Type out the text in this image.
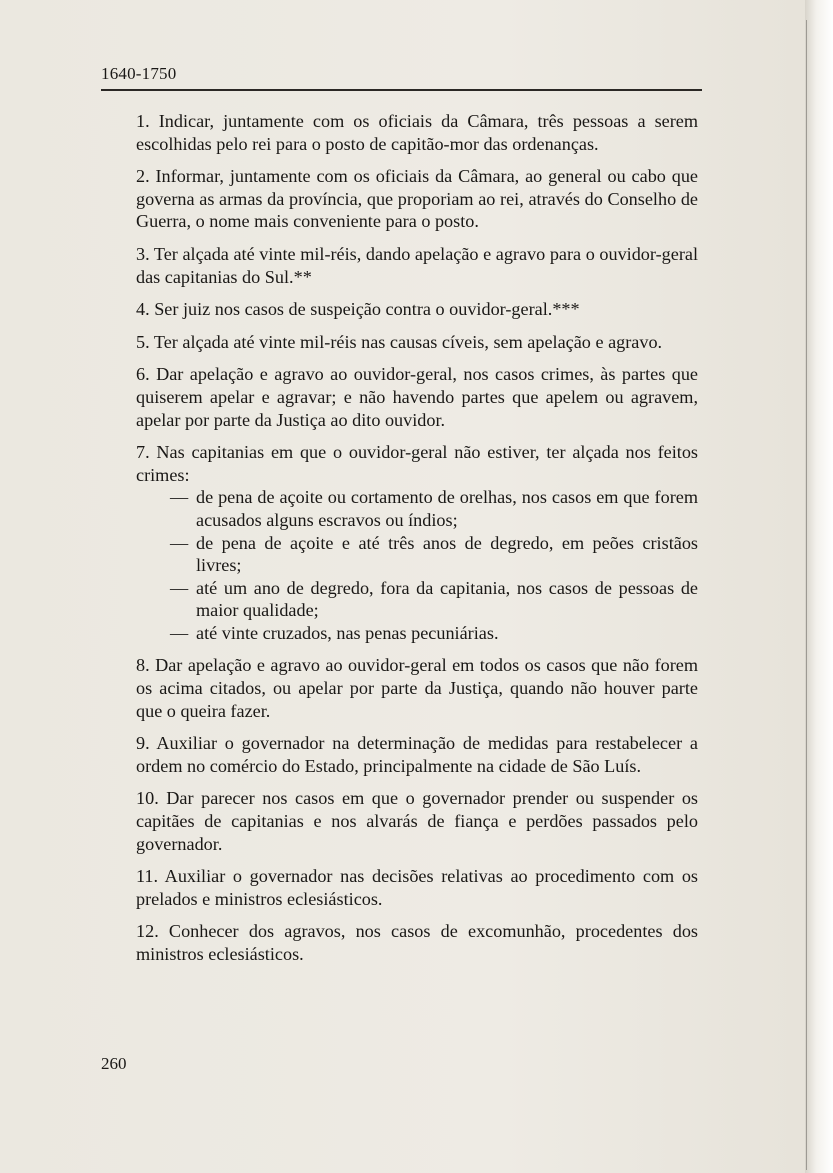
1640-1750

1. Indicar, juntamente com os oficiais da Câmara, três pessoas a serem escolhidas pelo rei para o posto de capitão-mor das ordenanças.

2. Informar, juntamente com os oficiais da Câmara, ao general ou cabo que governa as armas da província, que proporiam ao rei, através do Conselho de Guerra, o nome mais conveniente para o posto.

3. Ter alçada até vinte mil-réis, dando apelação e agravo para o ouvidor-geral das capitanias do Sul.**

4. Ser juiz nos casos de suspeição contra o ouvidor-geral.***

5. Ter alçada até vinte mil-réis nas causas cíveis, sem apelação e agravo.

6. Dar apelação e agravo ao ouvidor-geral, nos casos crimes, às partes que quiserem apelar e agravar; e não havendo partes que apelem ou agravem, apelar por parte da Justiça ao dito ouvidor.

7. Nas capitanias em que o ouvidor-geral não estiver, ter alçada nos feitos crimes:
— de pena de açoite ou cortamento de orelhas, nos casos em que forem acusados alguns escravos ou índios;
— de pena de açoite e até três anos de degredo, em peões cristãos livres;
— até um ano de degredo, fora da capitania, nos casos de pessoas de maior qualidade;
— até vinte cruzados, nas penas pecuniárias.

8. Dar apelação e agravo ao ouvidor-geral em todos os casos que não forem os acima citados, ou apelar por parte da Justiça, quando não houver parte que o queira fazer.

9. Auxiliar o governador na determinação de medidas para restabelecer a ordem no comércio do Estado, principalmente na cidade de São Luís.

10. Dar parecer nos casos em que o governador prender ou suspender os capitães de capitanias e nos alvarás de fiança e perdões passados pelo governador.

11. Auxiliar o governador nas decisões relativas ao procedimento com os prelados e ministros eclesiásticos.

12. Conhecer dos agravos, nos casos de excomunhão, procedentes dos ministros eclesiásticos.

260
